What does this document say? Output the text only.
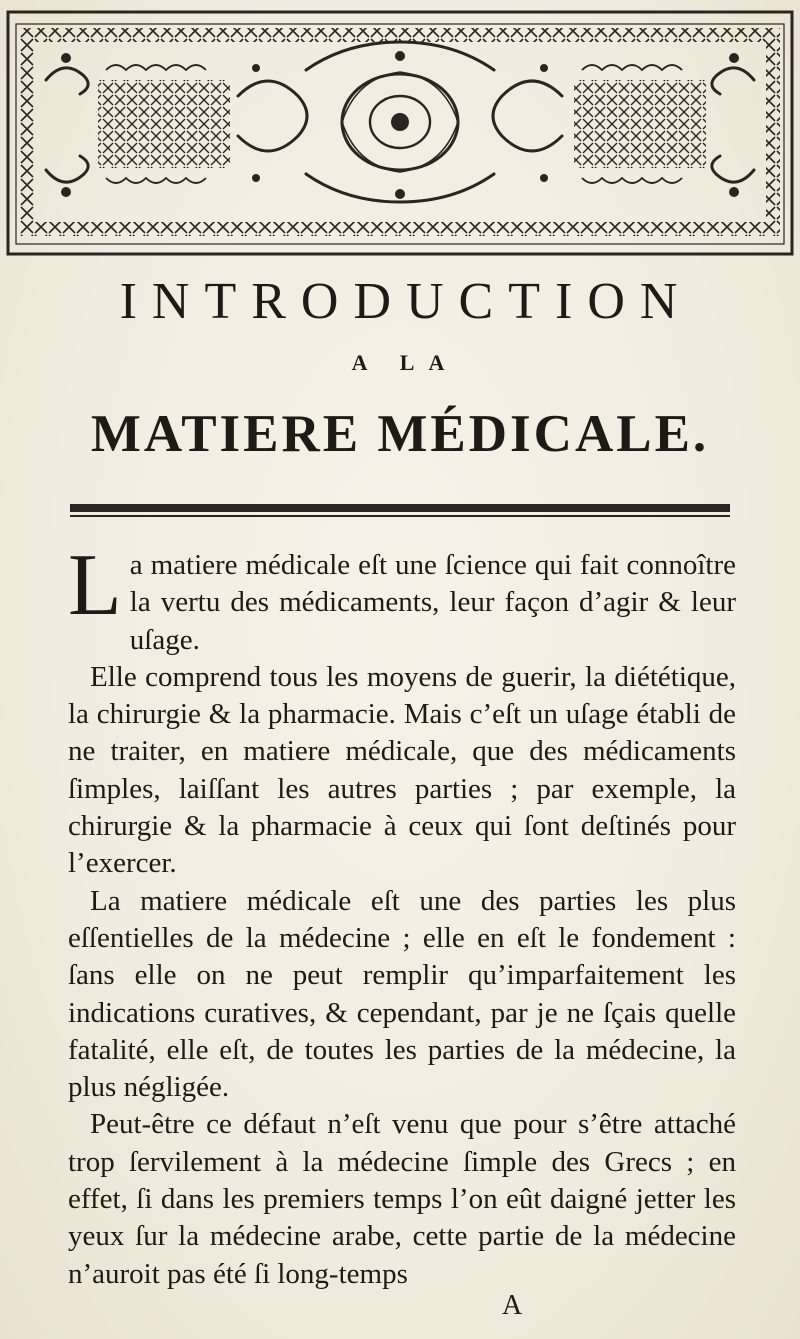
INTRODUCTION
A LA
MATIERE MÉDICALE.

La matiere médicale eſt une ſcience qui fait connoître la vertu des médicaments, leur façon d’agir & leur uſage.

Elle comprend tous les moyens de guerir, la diététique, la chirurgie & la pharmacie. Mais c’eſt un uſage établi de ne traiter, en matiere médicale, que des médicaments ſimples, laiſſant les autres parties ; par exemple, la chirurgie & la pharmacie à ceux qui ſont deſtinés pour l’exercer.

La matiere médicale eſt une des parties les plus eſſentielles de la médecine ; elle en eſt le fondement : ſans elle on ne peut remplir qu’imparfaitement les indications curatives, & cependant, par je ne ſçais quelle fatalité, elle eſt, de toutes les parties de la médecine, la plus négligée.

Peut-être ce défaut n’eſt venu que pour s’être attaché trop ſervilement à la médecine ſimple des Grecs ; en effet, ſi dans les premiers temps l’on eût daigné jetter les yeux ſur la médecine arabe, cette partie de la médecine n’auroit pas été ſi long-temps

A
